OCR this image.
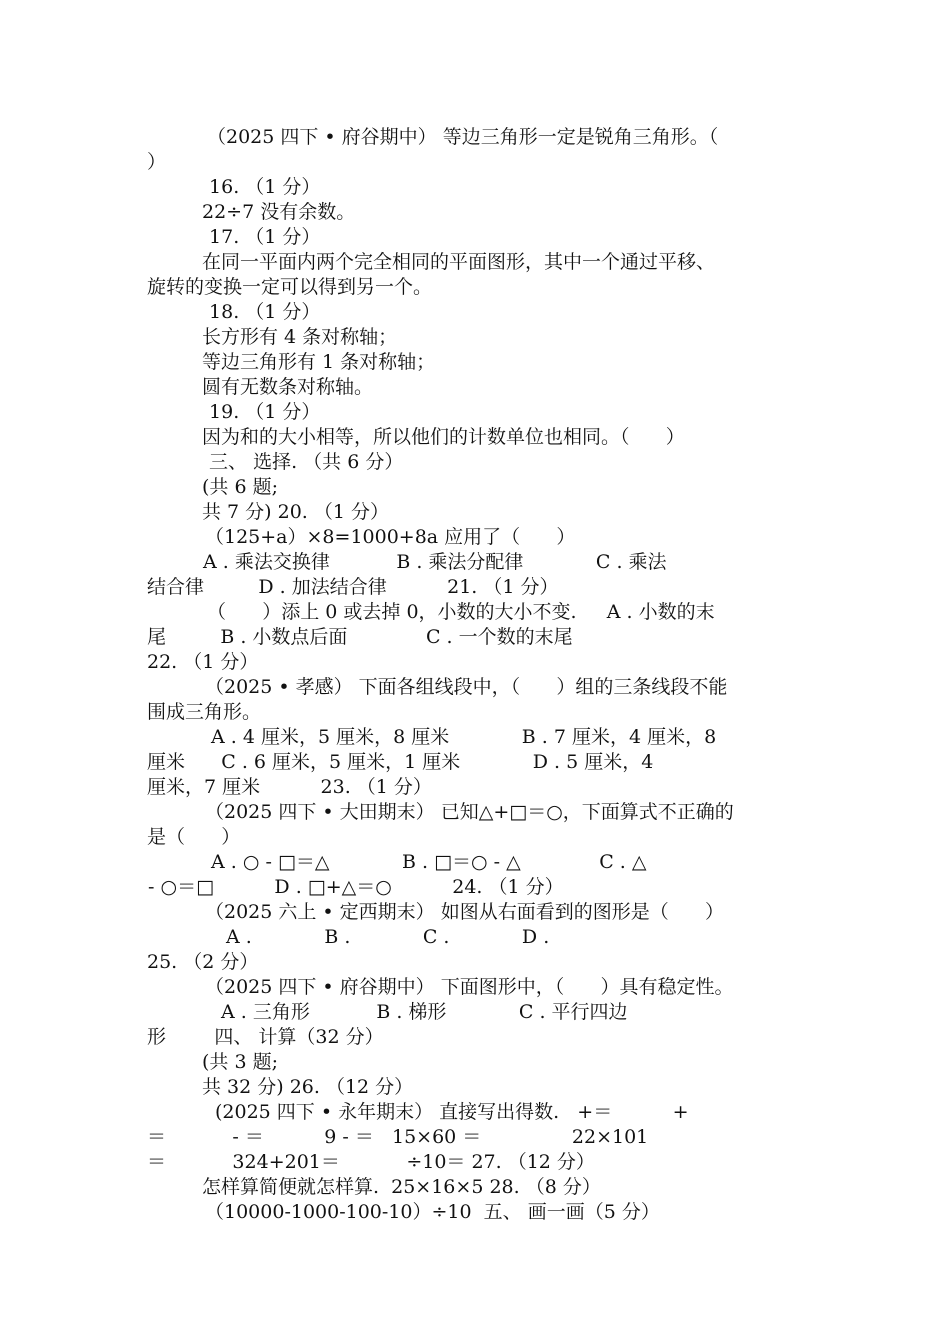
（2025 四下 • 府谷期中） 等边三角形一定是锐角三角形。（
）
16. （1 分）
22÷7 没有余数。
17. （1 分）
在同一平面内两个完全相同的平面图形，其中一个通过平移、
旋转的变换一定可以得到另一个。
18. （1 分）
长方形有 4 条对称轴；
等边三角形有 1 条对称轴；
圆有无数条对称轴。
19. （1 分）
因为和的大小相等，所以他们的计数单位也相同。（      ）
三、 选择. （共 6 分）
(共 6 题;
共 7 分) 20. （1 分）
（125+a）×8=1000+8a 应用了（      ）
A . 乘法交换律           B . 乘法分配律            C . 乘法
结合律         D . 加法结合律          21. （1 分）
（      ）添上 0 或去掉 0，小数的大小不变.     A . 小数的末
尾         B . 小数点后面             C . 一个数的末尾
22. （1 分）
（2025 • 孝感） 下面各组线段中，（      ）组的三条线段不能
围成三角形。
A . 4 厘米，5 厘米，8 厘米            B . 7 厘米，4 厘米，8
厘米      C . 6 厘米，5 厘米，1 厘米            D . 5 厘米，4
厘米，7 厘米          23. （1 分）
（2025 四下 • 大田期末） 已知△+□＝○，下面算式不正确的
是（      ）
A . ○ - □＝△            B . □＝○ - △             C . △
- ○＝□          D . □+△＝○          24. （1 分）
（2025 六上 • 定西期末） 如图从右面看到的图形是（      ）
A .            B .            C .            D .
25. （2 分）
（2025 四下 • 府谷期中） 下面图形中，（      ）具有稳定性。
A . 三角形           B . 梯形            C . 平行四边
形        四、 计算（32 分）
(共 3 题;
共 32 分) 26. （12 分）
(2025 四下 • 永年期末） 直接写出得数.   +＝          +
＝           - ＝          9 - ＝   15×60 ＝               22×101
＝           324+201＝           ÷10＝ 27. （12 分）
怎样算简便就怎样算.  25×16×5 28. （8 分）
（10000-1000-100-10）÷10  五、 画一画（5 分）
